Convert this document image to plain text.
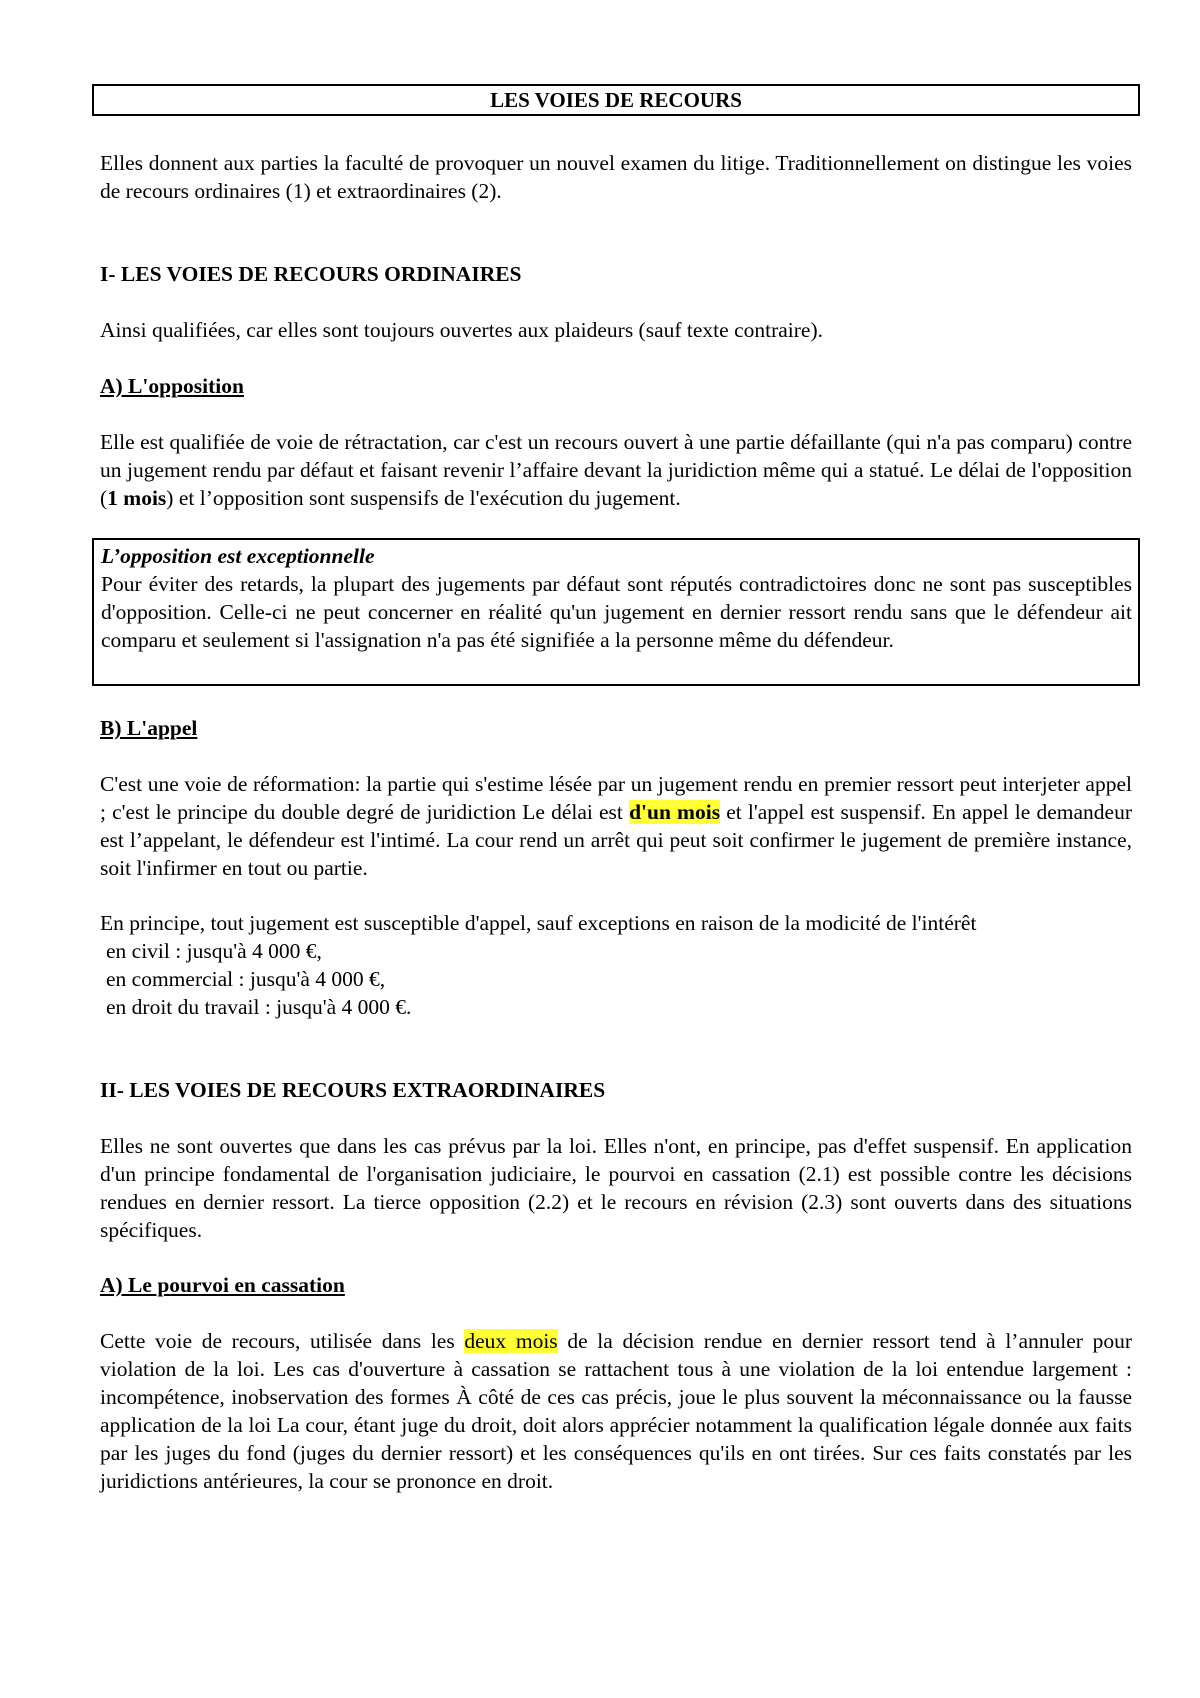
LES VOIES DE RECOURS

Elles donnent aux parties la faculté de provoquer un nouvel examen du litige. Traditionnellement on distingue les voies de recours ordinaires (1) et extraordinaires (2).

I- LES VOIES DE RECOURS ORDINAIRES

Ainsi qualifiées, car elles sont toujours ouvertes aux plaideurs (sauf texte contraire).

A) L'opposition

Elle est qualifiée de voie de rétractation, car c'est un recours ouvert à une partie défaillante (qui n'a pas comparu) contre un jugement rendu par défaut et faisant revenir l’affaire devant la juridiction même qui a statué. Le délai de l'opposition (1 mois) et l’opposition sont suspensifs de l'exécution du jugement.

L’opposition est exceptionnelle
Pour éviter des retards, la plupart des jugements par défaut sont réputés contradictoires donc ne sont pas susceptibles d'opposition. Celle-ci ne peut concerner en réalité qu'un jugement en dernier ressort rendu sans que le défendeur ait comparu et seulement si l'assignation n'a pas été signifiée a la personne même du défendeur.

B) L'appel

C'est une voie de réformation: la partie qui s'estime lésée par un jugement rendu en premier ressort peut interjeter appel ; c'est le principe du double degré de juridiction Le délai est d'un mois et l'appel est suspensif. En appel le demandeur est l’appelant, le défendeur est l'intimé. La cour rend un arrêt qui peut soit confirmer le jugement de première instance, soit l'infirmer en tout ou partie.

En principe, tout jugement est susceptible d'appel, sauf exceptions en raison de la modicité de l'intérêt

en civil : jusqu'à 4 000 €,

en commercial : jusqu'à 4 000 €,

en droit du travail : jusqu'à 4 000 €.

II- LES VOIES DE RECOURS EXTRAORDINAIRES

Elles ne sont ouvertes que dans les cas prévus par la loi. Elles n'ont, en principe, pas d'effet suspensif. En application d'un principe fondamental de l'organisation judiciaire, le pourvoi en cassation (2.1) est possible contre les décisions rendues en dernier ressort. La tierce opposition (2.2) et le recours en révision (2.3) sont ouverts dans des situations spécifiques.

A) Le pourvoi en cassation

Cette voie de recours, utilisée dans les deux mois de la décision rendue en dernier ressort tend à l’annuler pour violation de la loi. Les cas d'ouverture à cassation se rattachent tous à une violation de la loi entendue largement : incompétence, inobservation des formes À côté de ces cas précis, joue le plus souvent la méconnaissance ou la fausse application de la loi La cour, étant juge du droit, doit alors apprécier notamment la qualification légale donnée aux faits par les juges du fond (juges du dernier ressort) et les conséquences qu'ils en ont tirées. Sur ces faits constatés par les juridictions antérieures, la cour se prononce en droit.
